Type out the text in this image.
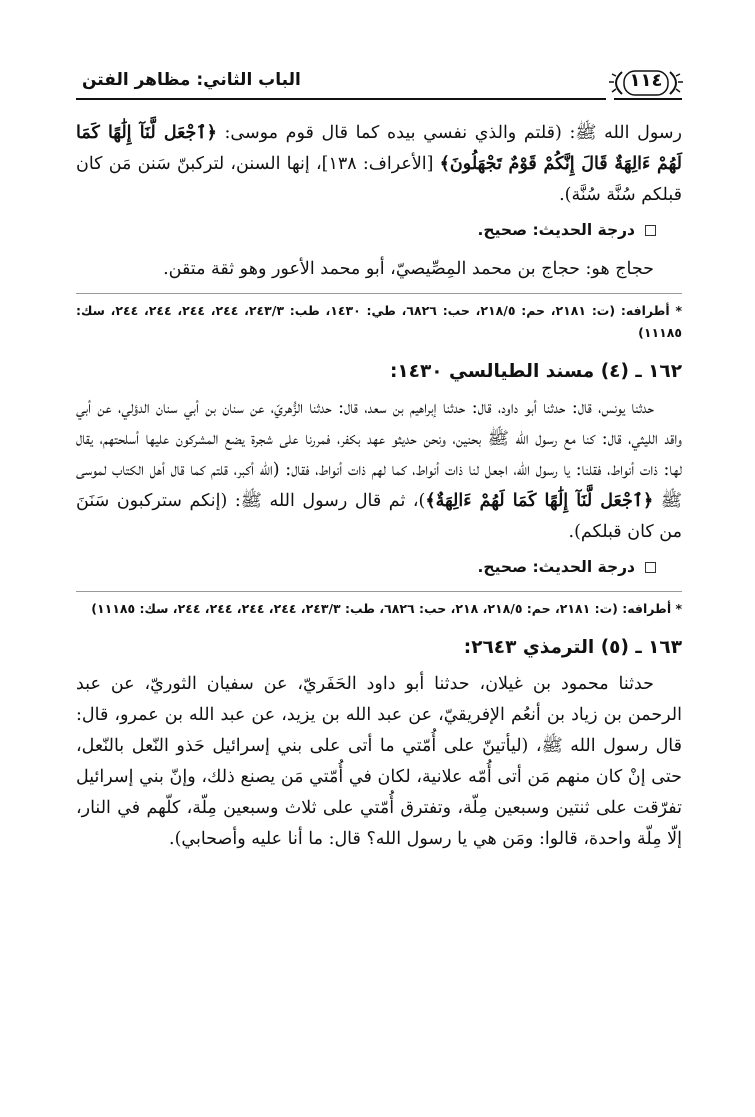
الباب الثاني: مظاهر الفتن	١١٤

رسول الله ﷺ: (قلتم والذي نفسي بيده كما قال قوم موسى: ﴿ٱجْعَل لَّنَآ إِلَٰهًا كَمَا لَهُمْ ءَالِهَةٌ قَالَ إِنَّكُمْ قَوْمٌ تَجْهَلُونَ﴾ [الأعراف: ١٣٨]، إنها السنن، لتركبنّ سَنن مَن كان قبلكم سُنَّة سُنَّة).

درجة الحديث: صحيح.

حجاج هو: حجاج بن محمد المِصِّيصيّ، أبو محمد الأعور وهو ثقة متقن.

* أطرافه: (ت: ٢١٨١، حم: ٢١٨/٥، حب: ٦٨٢٦، طي: ١٤٣٠، طب: ٢٤٣/٣، ٢٤٤، ٢٤٤، ٢٤٤، ٢٤٤، سك: ١١١٨٥)

١٦٢ ـ (٤) مسند الطيالسي ١٤٣٠:

حدثنا يونس، قال: حدثنا أبو داود، قال: حدثنا إبراهيم بن سعد، قال: حدثنا الزُّهريّ، عن سنان بن أبي سنان الدؤلي، عن أبي واقد الليثي، قال: كنا مع رسول الله ﷺ بحنين، ونحن حديثو عهد بكفر، فمررنا على شجرة يضع المشركون عليها أسلحتهم، يقال لها: ذات أنواط، فقلنا: يا رسول الله، اجعل لنا ذات أنواط، كما لهم ذات أنواط، فقال: (الله أكبر، قلتم كما قال أهل الكتاب لموسى ﷺ ﴿ٱجْعَل لَّنَآ إِلَٰهًا كَمَا لَهُمْ ءَالِهَةٌ﴾)، ثم قال رسول الله ﷺ: (إنكم ستركبون سَنَنَ من كان قبلكم).

درجة الحديث: صحيح.

* أطرافه: (ت: ٢١٨١، حم: ٢١٨/٥، ٢١٨، حب: ٦٨٢٦، طب: ٢٤٣/٣، ٢٤٤، ٢٤٤، ٢٤٤، ٢٤٤، سك: ١١١٨٥)

١٦٣ ـ (٥) الترمذي ٢٦٤٣:

حدثنا محمود بن غيلان، حدثنا أبو داود الحَفَريّ، عن سفيان الثوريّ، عن عبد الرحمن بن زياد بن أنعُم الإفريقيّ، عن عبد الله بن يزيد، عن عبد الله بن عمرو، قال: قال رسول الله ﷺ، (ليأتينّ على أُمّتي ما أتى على بني إسرائيل حَذو النّعل بالنّعل، حتى إنْ كان منهم مَن أتى أُمّه علانية، لكان في أُمّتي مَن يصنع ذلك، وإنّ بني إسرائيل تفرّقت على ثنتين وسبعين مِلّة، وتفترق أُمّتي على ثلاث وسبعين مِلّة، كلّهم في النار، إلّا مِلّة واحدة، قالوا: ومَن هي يا رسول الله؟ قال: ما أنا عليه وأصحابي).
